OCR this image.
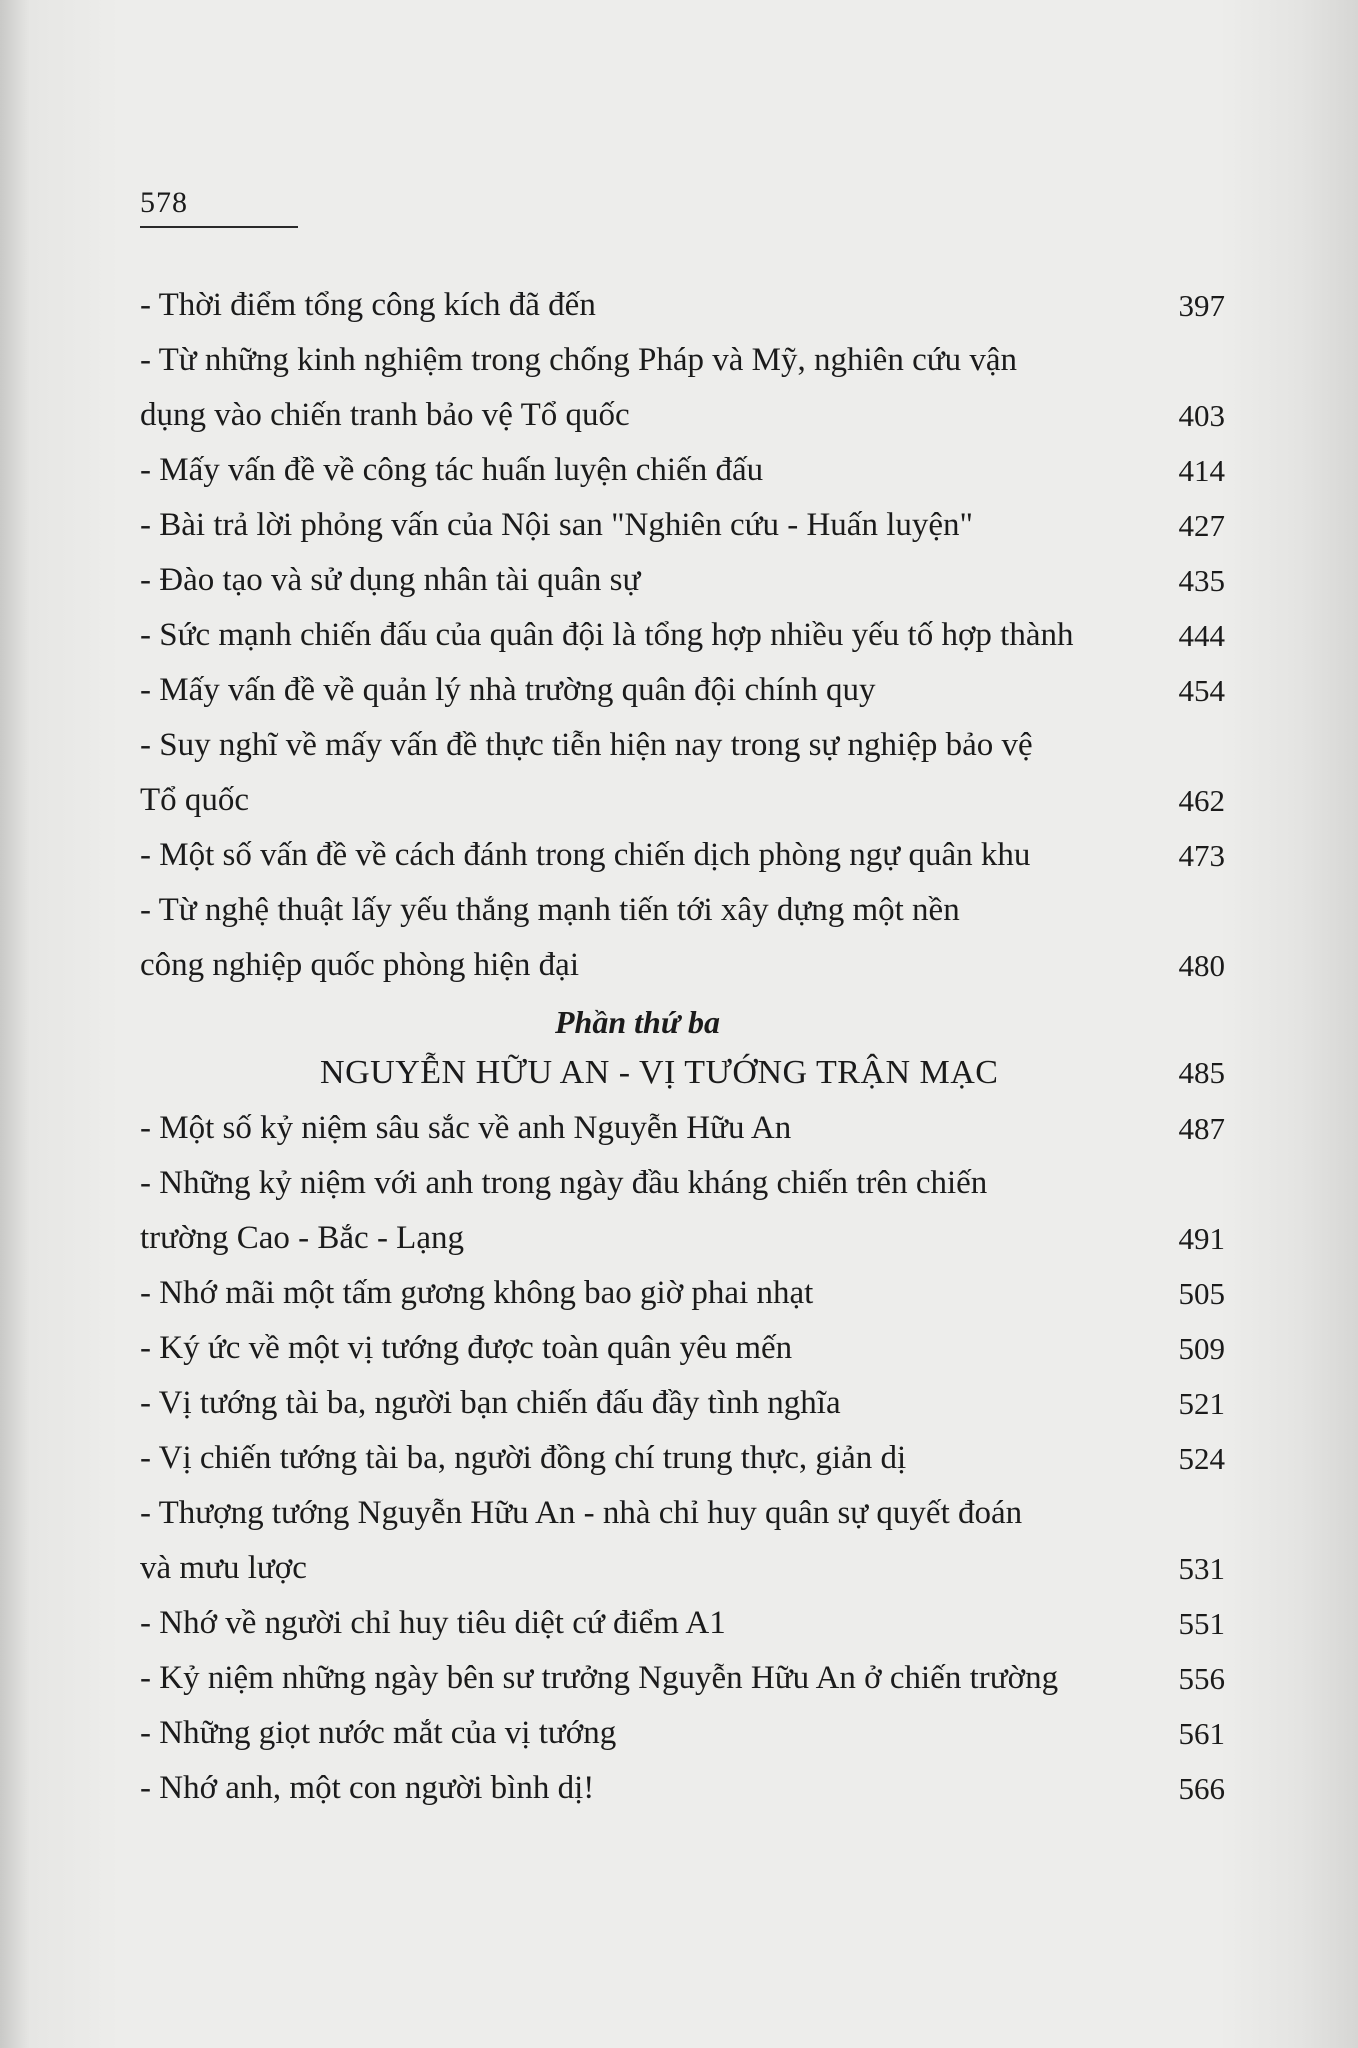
578
- Thời điểm tổng công kích đã đến	397
- Từ những kinh nghiệm trong chống Pháp và Mỹ, nghiên cứu vận
dụng vào chiến tranh bảo vệ Tổ quốc	403
- Mấy vấn đề về công tác huấn luyện chiến đấu	414
- Bài trả lời phỏng vấn của Nội san "Nghiên cứu - Huấn luyện"	427
- Đào tạo và sử dụng nhân tài quân sự	435
- Sức mạnh chiến đấu của quân đội là tổng hợp nhiều yếu tố hợp thành	444
- Mấy vấn đề về quản lý nhà trường quân đội chính quy	454
- Suy nghĩ về mấy vấn đề thực tiễn hiện nay trong sự nghiệp bảo vệ
Tổ quốc	462
- Một số vấn đề về cách đánh trong chiến dịch phòng ngự quân khu	473
- Từ nghệ thuật lấy yếu thắng mạnh tiến tới xây dựng một nền
công nghiệp quốc phòng hiện đại	480
Phần thứ ba
NGUYỄN HỮU AN - VỊ TƯỚNG TRẬN MẠC	485
- Một số kỷ niệm sâu sắc về anh Nguyễn Hữu An	487
- Những kỷ niệm với anh trong ngày đầu kháng chiến trên chiến
trường Cao - Bắc - Lạng	491
- Nhớ mãi một tấm gương không bao giờ phai nhạt	505
- Ký ức về một vị tướng được toàn quân yêu mến	509
- Vị tướng tài ba, người bạn chiến đấu đầy tình nghĩa	521
- Vị chiến tướng tài ba, người đồng chí trung thực, giản dị	524
- Thượng tướng Nguyễn Hữu An - nhà chỉ huy quân sự quyết đoán
và mưu lược	531
- Nhớ về người chỉ huy tiêu diệt cứ điểm A1	551
- Kỷ niệm những ngày bên sư trưởng Nguyễn Hữu An ở chiến trường	556
- Những giọt nước mắt của vị tướng	561
- Nhớ anh, một con người bình dị!	566
